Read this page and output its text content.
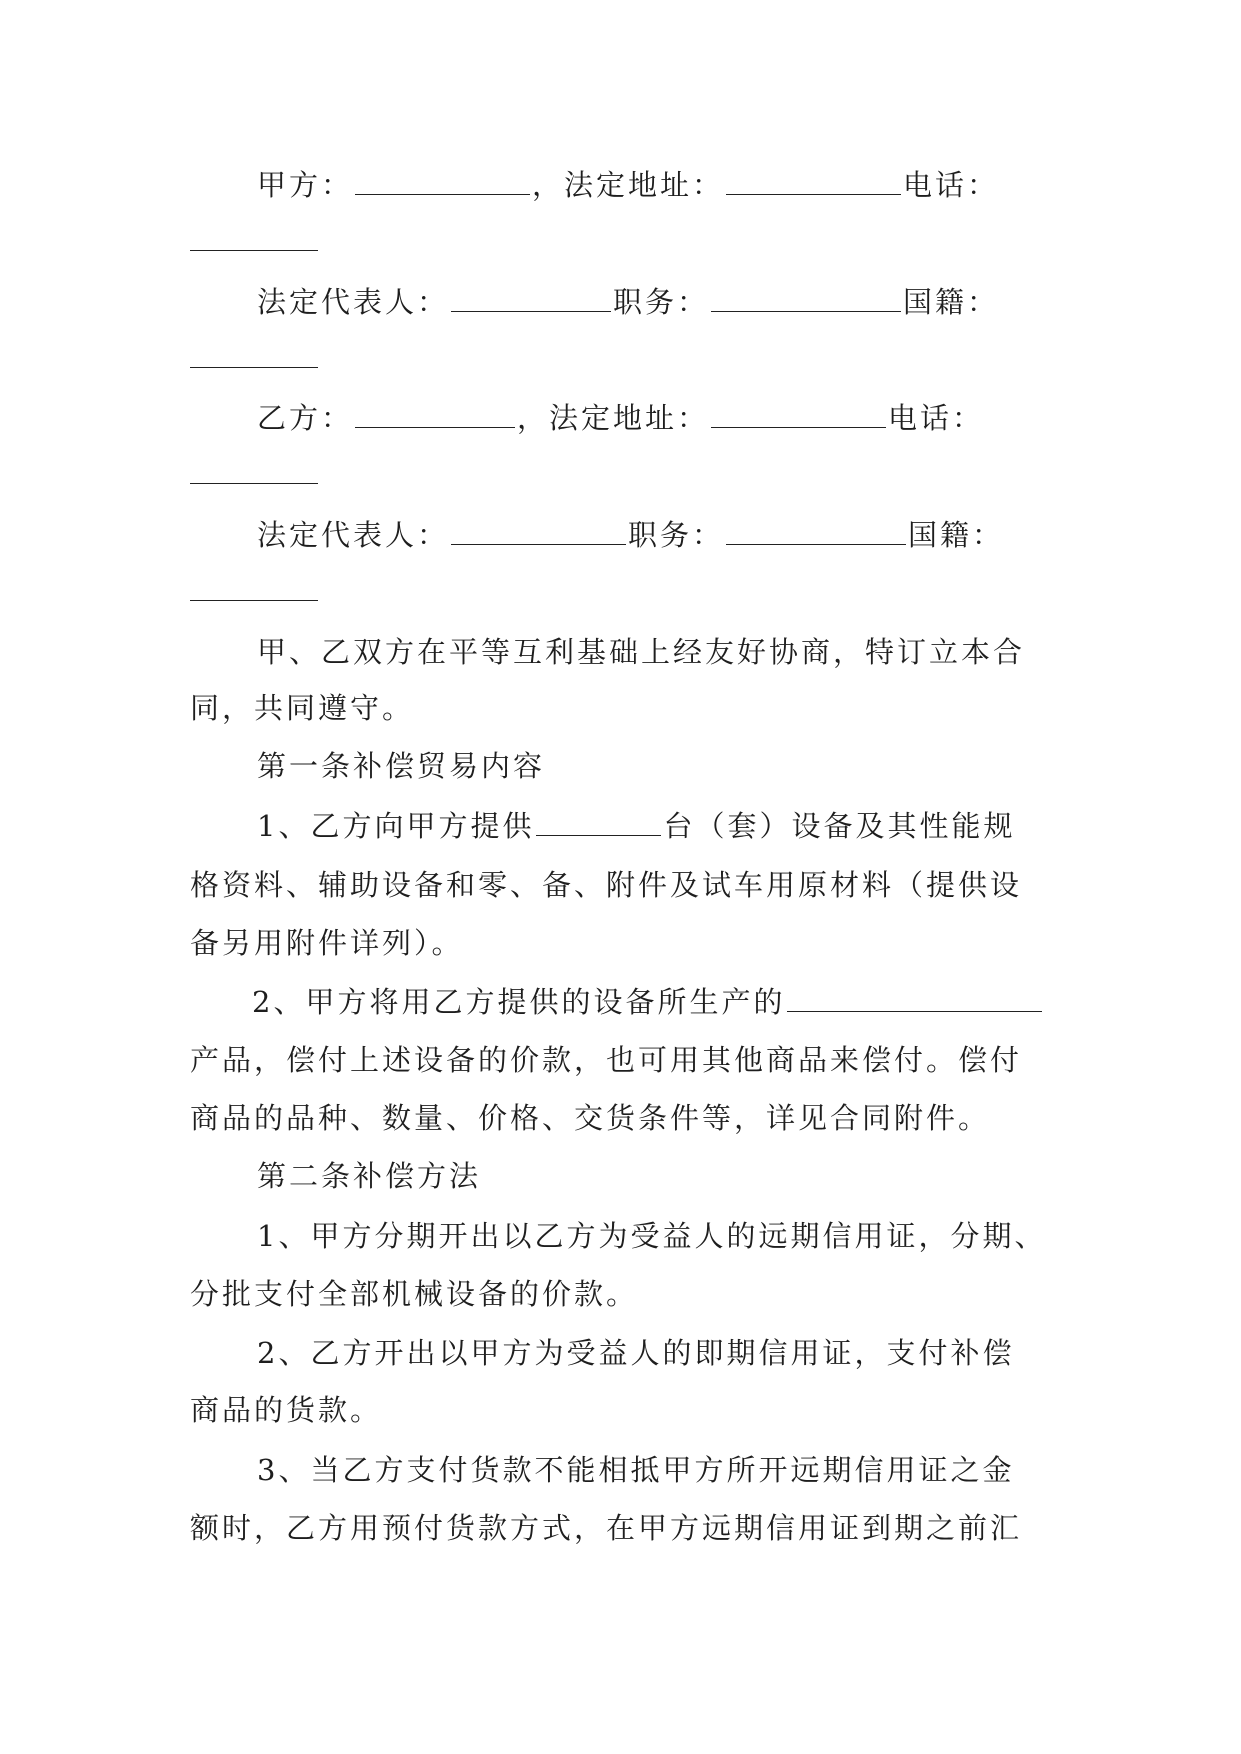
甲方：	，法定地址：	电话：
法定代表人：	职务：	国籍：
乙方：	，法定地址：	电话：
法定代表人：	职务：	国籍：
甲、乙双方在平等互利基础上经友好协商，特订立本合
同，共同遵守。
第一条补偿贸易内容
1、乙方向甲方提供	台（套）设备及其性能规
格资料、辅助设备和零、备、附件及试车用原材料（提供设
备另用附件详列）。
2、甲方将用乙方提供的设备所生产的
产品，偿付上述设备的价款，也可用其他商品来偿付。偿付
商品的品种、数量、价格、交货条件等，详见合同附件。
第二条补偿方法
1、甲方分期开出以乙方为受益人的远期信用证，分期、
分批支付全部机械设备的价款。
2、乙方开出以甲方为受益人的即期信用证，支付补偿
商品的货款。
3、当乙方支付货款不能相抵甲方所开远期信用证之金
额时，乙方用预付货款方式，在甲方远期信用证到期之前汇
